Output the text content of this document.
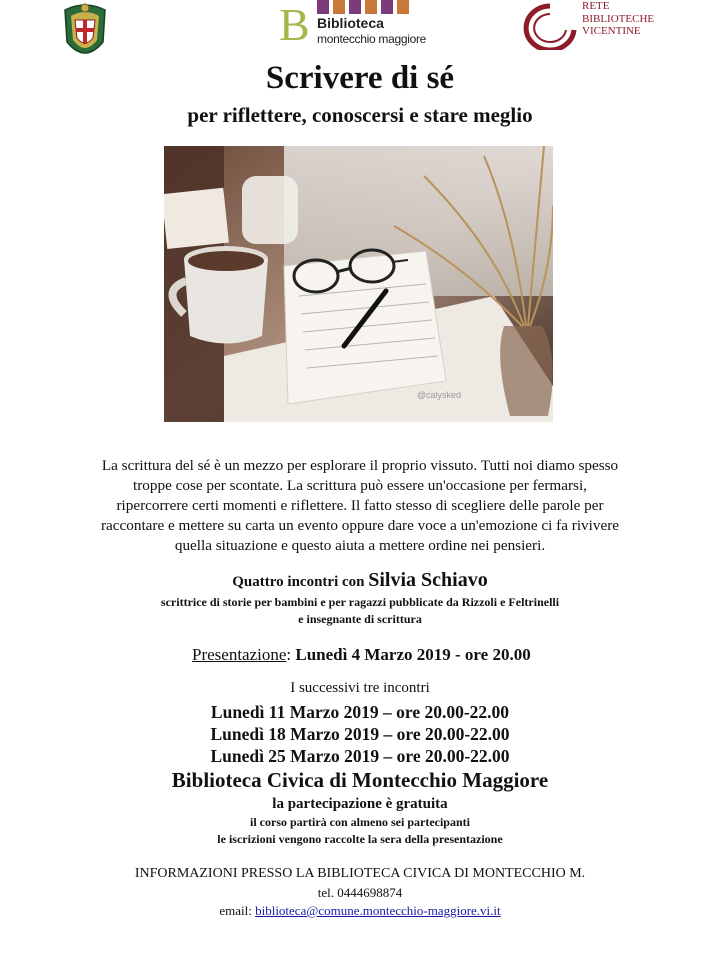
B Biblioteca
montecchio maggiore
RETE
BIBLIOTECHE
VICENTINE
Scrivere di sé
per riflettere, conoscersi e stare meglio
@calysked
La scrittura del sé è un mezzo per esplorare il proprio vissuto. Tutti noi diamo spesso
troppe cose per scontate. La scrittura può essere un'occasione per fermarsi,
ripercorrere certi momenti e riflettere. Il fatto stesso di scegliere delle parole per
raccontare e mettere su carta un evento oppure dare voce a un'emozione ci fa rivivere
quella situazione e questo aiuta a mettere ordine nei pensieri.
Quattro incontri con Silvia Schiavo
scrittrice di storie per bambini e per ragazzi pubblicate da Rizzoli e Feltrinelli
e insegnante di scrittura
Presentazione: Lunedì 4 Marzo 2019 - ore 20.00
I successivi tre incontri
Lunedì 11 Marzo 2019 – ore 20.00-22.00
Lunedì 18 Marzo 2019 – ore 20.00-22.00
Lunedì 25 Marzo 2019 – ore 20.00-22.00
Biblioteca Civica di Montecchio Maggiore
la partecipazione è gratuita
il corso partirà con almeno sei partecipanti
le iscrizioni vengono raccolte la sera della presentazione
INFORMAZIONI PRESSO LA BIBLIOTECA CIVICA DI MONTECCHIO M.
tel. 0444698874
email: biblioteca@comune.montecchio-maggiore.vi.it
